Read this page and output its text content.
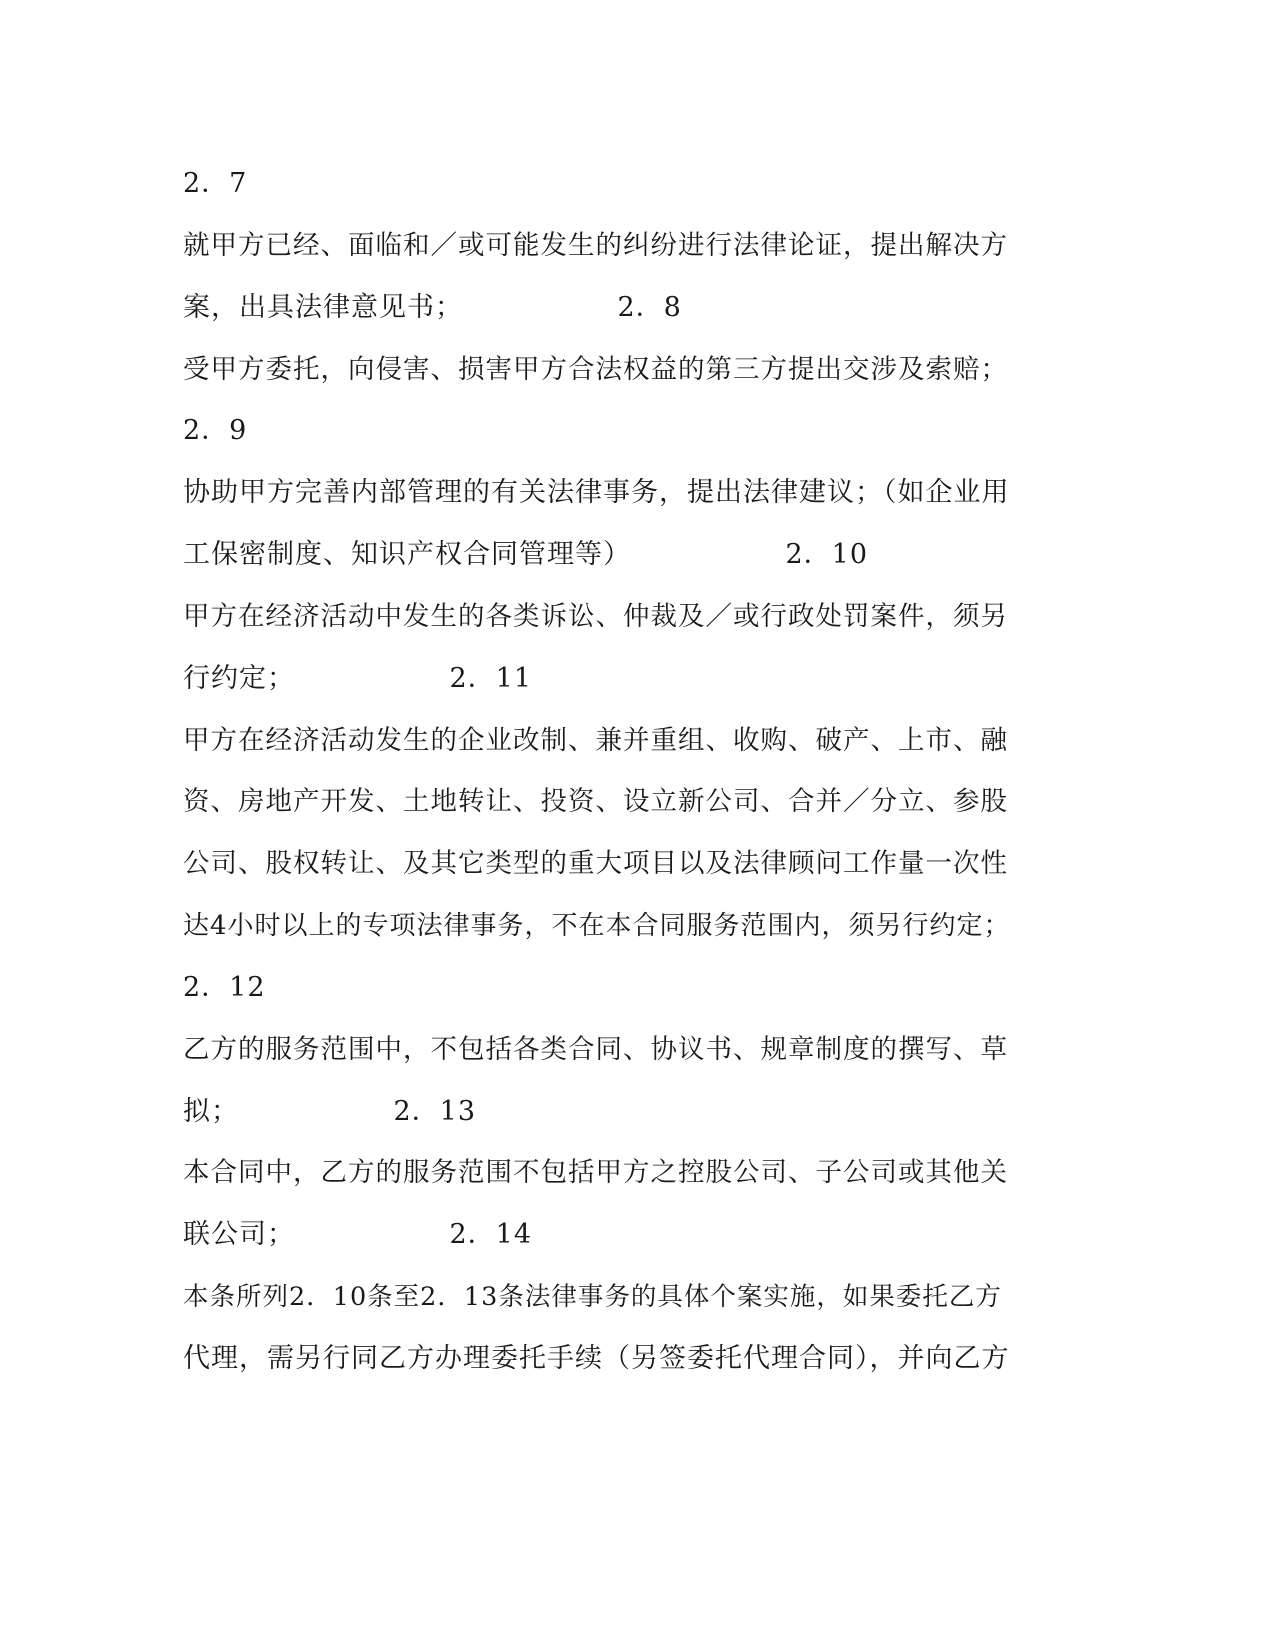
2．7
就甲方已经、面临和／或可能发生的纠纷进行法律论证，提出解决方
案，出具法律意见书；　　　　　　2．8
受甲方委托，向侵害、损害甲方合法权益的第三方提出交涉及索赔；
2．9
协助甲方完善内部管理的有关法律事务，提出法律建议；（如企业用
工保密制度、知识产权合同管理等）　　　　　　2．10
甲方在经济活动中发生的各类诉讼、仲裁及／或行政处罚案件，须另
行约定；　　　　　　2．11
甲方在经济活动发生的企业改制、兼并重组、收购、破产、上市、融
资、房地产开发、土地转让、投资、设立新公司、合并／分立、参股
公司、股权转让、及其它类型的重大项目以及法律顾问工作量一次性
达4小时以上的专项法律事务，不在本合同服务范围内，须另行约定；
2．12
乙方的服务范围中，不包括各类合同、协议书、规章制度的撰写、草
拟；　　　　　　2．13
本合同中，乙方的服务范围不包括甲方之控股公司、子公司或其他关
联公司；　　　　　　2．14
本条所列2．10条至2．13条法律事务的具体个案实施，如果委托乙方
代理，需另行同乙方办理委托手续（另签委托代理合同），并向乙方
